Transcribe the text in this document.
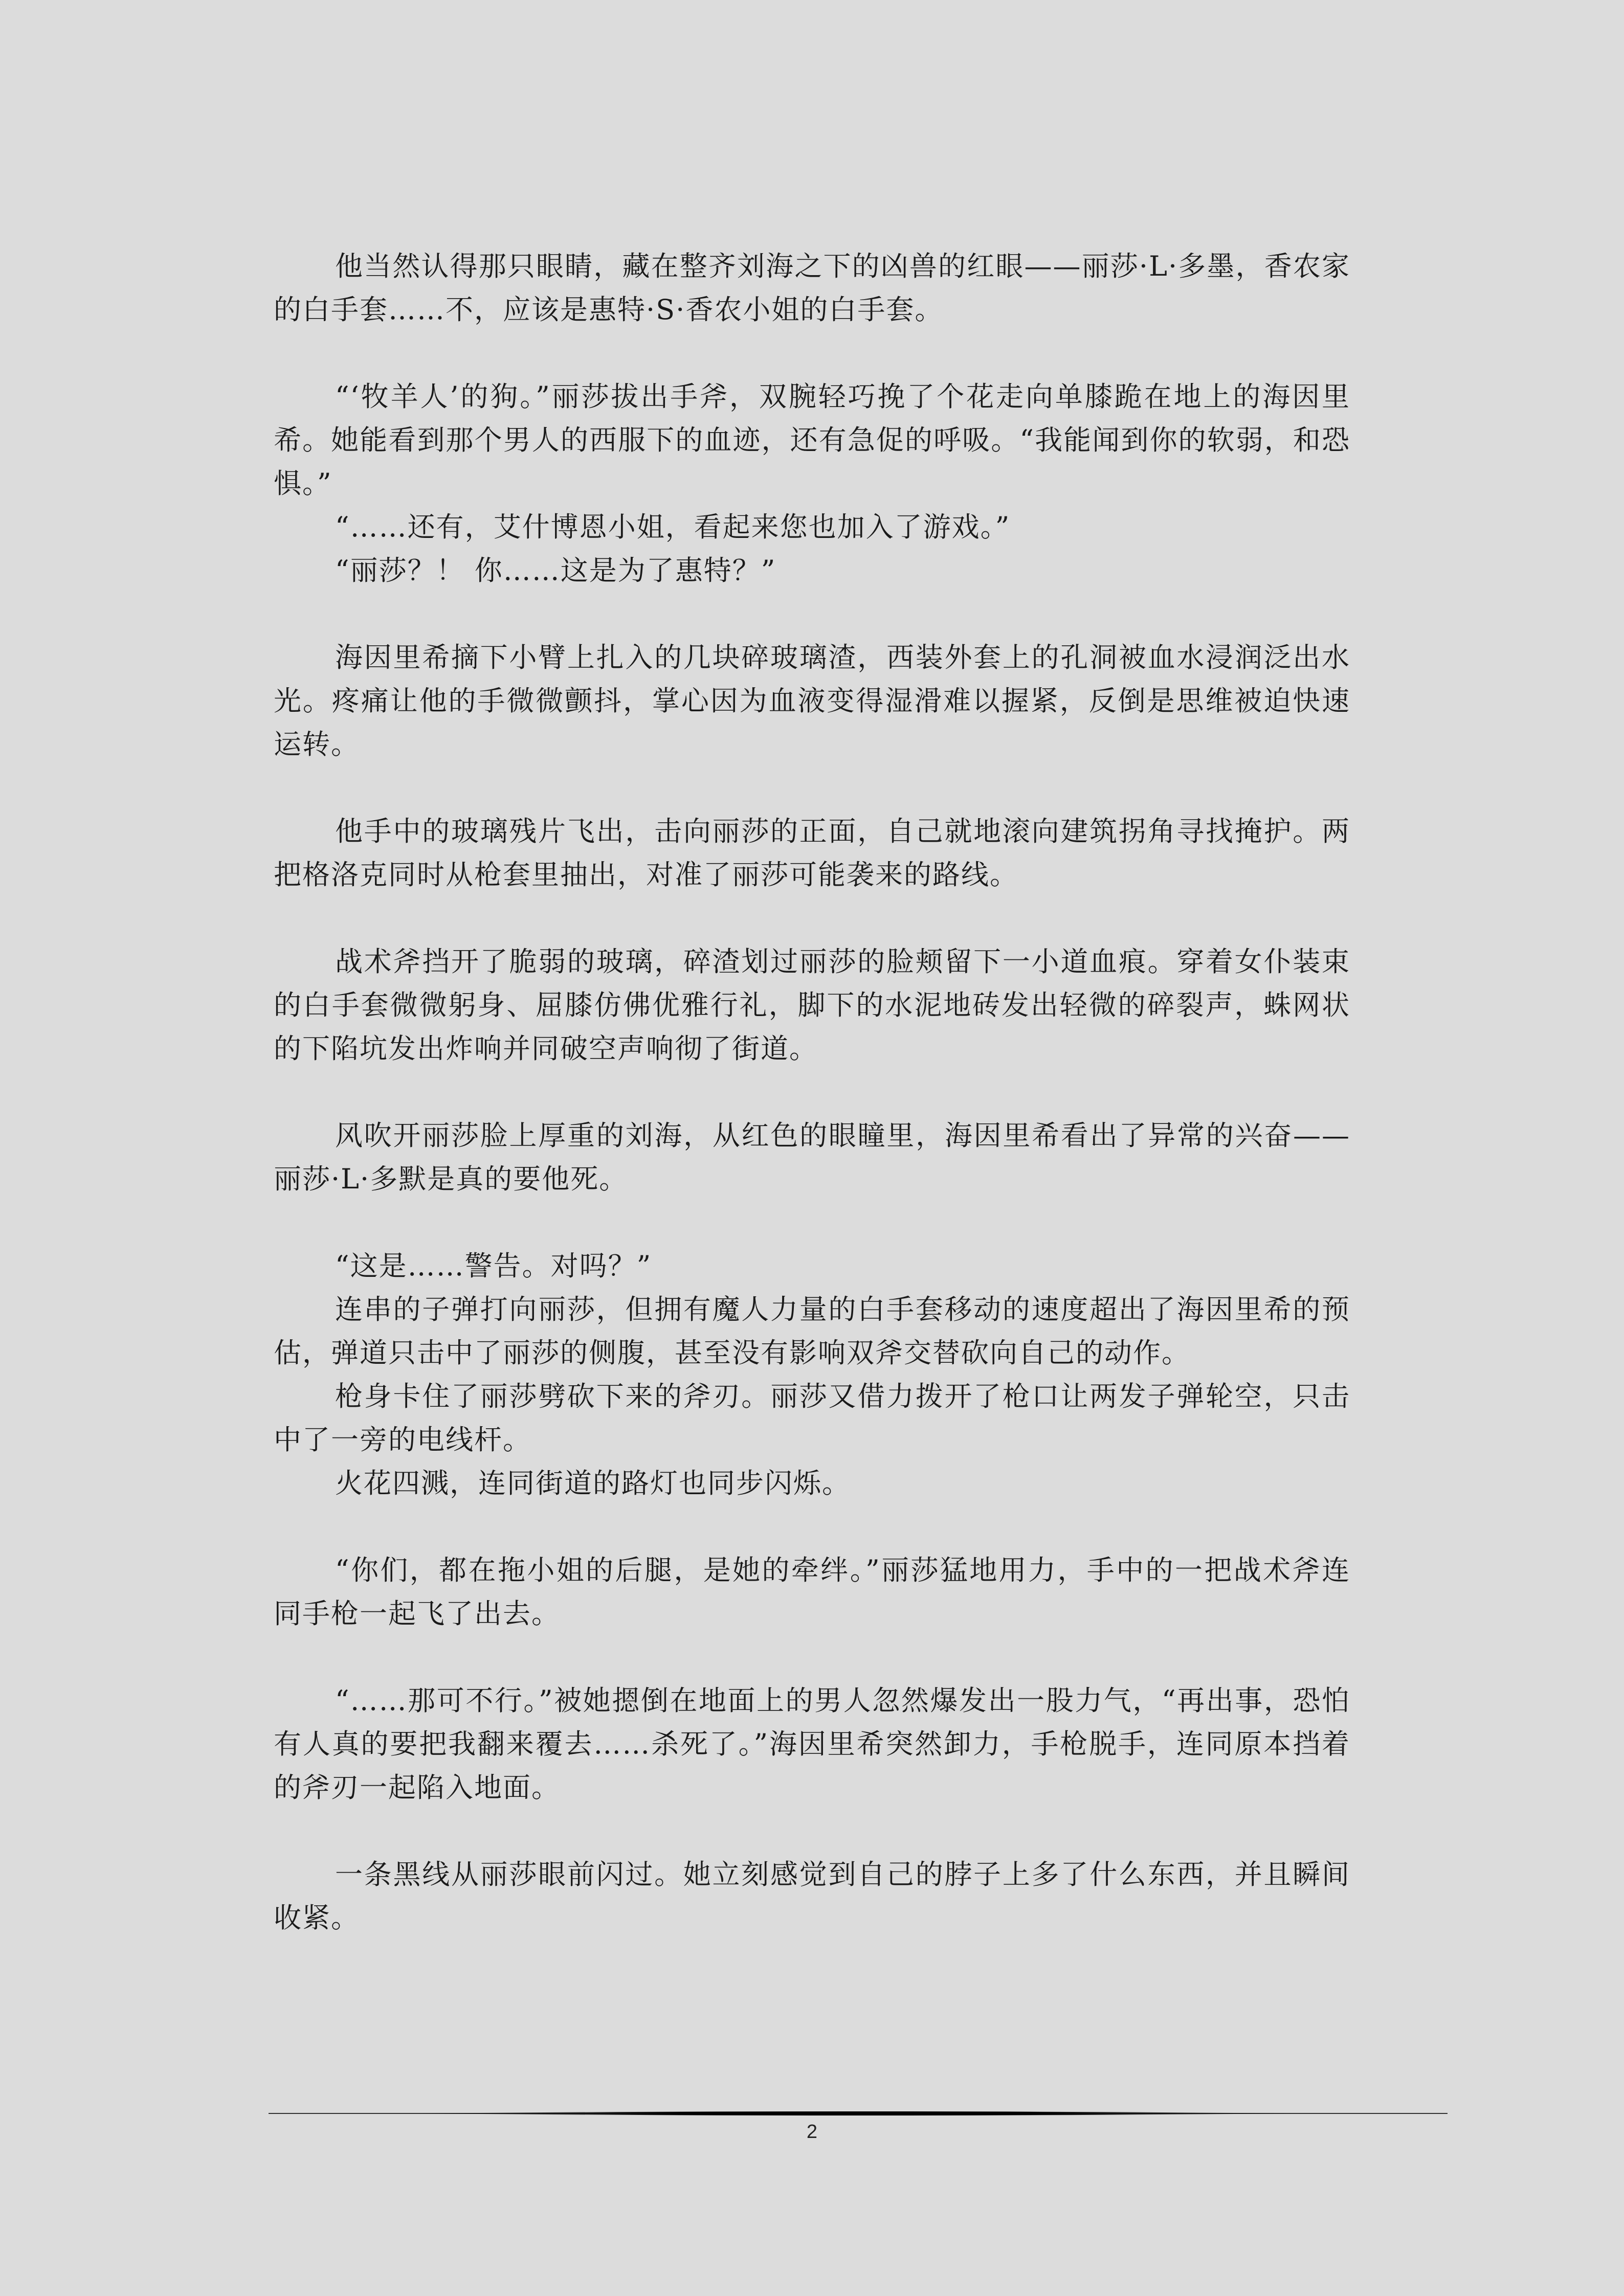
他当然认得那只眼睛，藏在整齐刘海之下的凶兽的红眼——丽莎·L·多墨，香农家的白手套……不，应该是惠特·S·香农小姐的白手套。

“‘牧羊人’的狗。”丽莎拔出手斧，双腕轻巧挽了个花走向单膝跪在地上的海因里希。她能看到那个男人的西服下的血迹，还有急促的呼吸。“我能闻到你的软弱，和恐惧。”

“……还有，艾什博恩小姐，看起来您也加入了游戏。”

“丽莎？！ 你……这是为了惠特？”

海因里希摘下小臂上扎入的几块碎玻璃渣，西装外套上的孔洞被血水浸润泛出水光。疼痛让他的手微微颤抖，掌心因为血液变得湿滑难以握紧，反倒是思维被迫快速运转。

他手中的玻璃残片飞出，击向丽莎的正面，自己就地滚向建筑拐角寻找掩护。两把格洛克同时从枪套里抽出，对准了丽莎可能袭来的路线。

战术斧挡开了脆弱的玻璃，碎渣划过丽莎的脸颊留下一小道血痕。穿着女仆装束的白手套微微躬身、屈膝仿佛优雅行礼，脚下的水泥地砖发出轻微的碎裂声，蛛网状的下陷坑发出炸响并同破空声响彻了街道。

风吹开丽莎脸上厚重的刘海，从红色的眼瞳里，海因里希看出了异常的兴奋——丽莎·L·多默是真的要他死。

“这是……警告。对吗？”

连串的子弹打向丽莎，但拥有魔人力量的白手套移动的速度超出了海因里希的预估，弹道只击中了丽莎的侧腹，甚至没有影响双斧交替砍向自己的动作。

枪身卡住了丽莎劈砍下来的斧刃。丽莎又借力拨开了枪口让两发子弹轮空，只击中了一旁的电线杆。

火花四溅，连同街道的路灯也同步闪烁。

“你们，都在拖小姐的后腿，是她的牵绊。”丽莎猛地用力，手中的一把战术斧连同手枪一起飞了出去。

“……那可不行。”被她摁倒在地面上的男人忽然爆发出一股力气，“再出事，恐怕有人真的要把我翻来覆去……杀死了。”海因里希突然卸力，手枪脱手，连同原本挡着的斧刃一起陷入地面。

一条黑线从丽莎眼前闪过。她立刻感觉到自己的脖子上多了什么东西，并且瞬间收紧。

2
